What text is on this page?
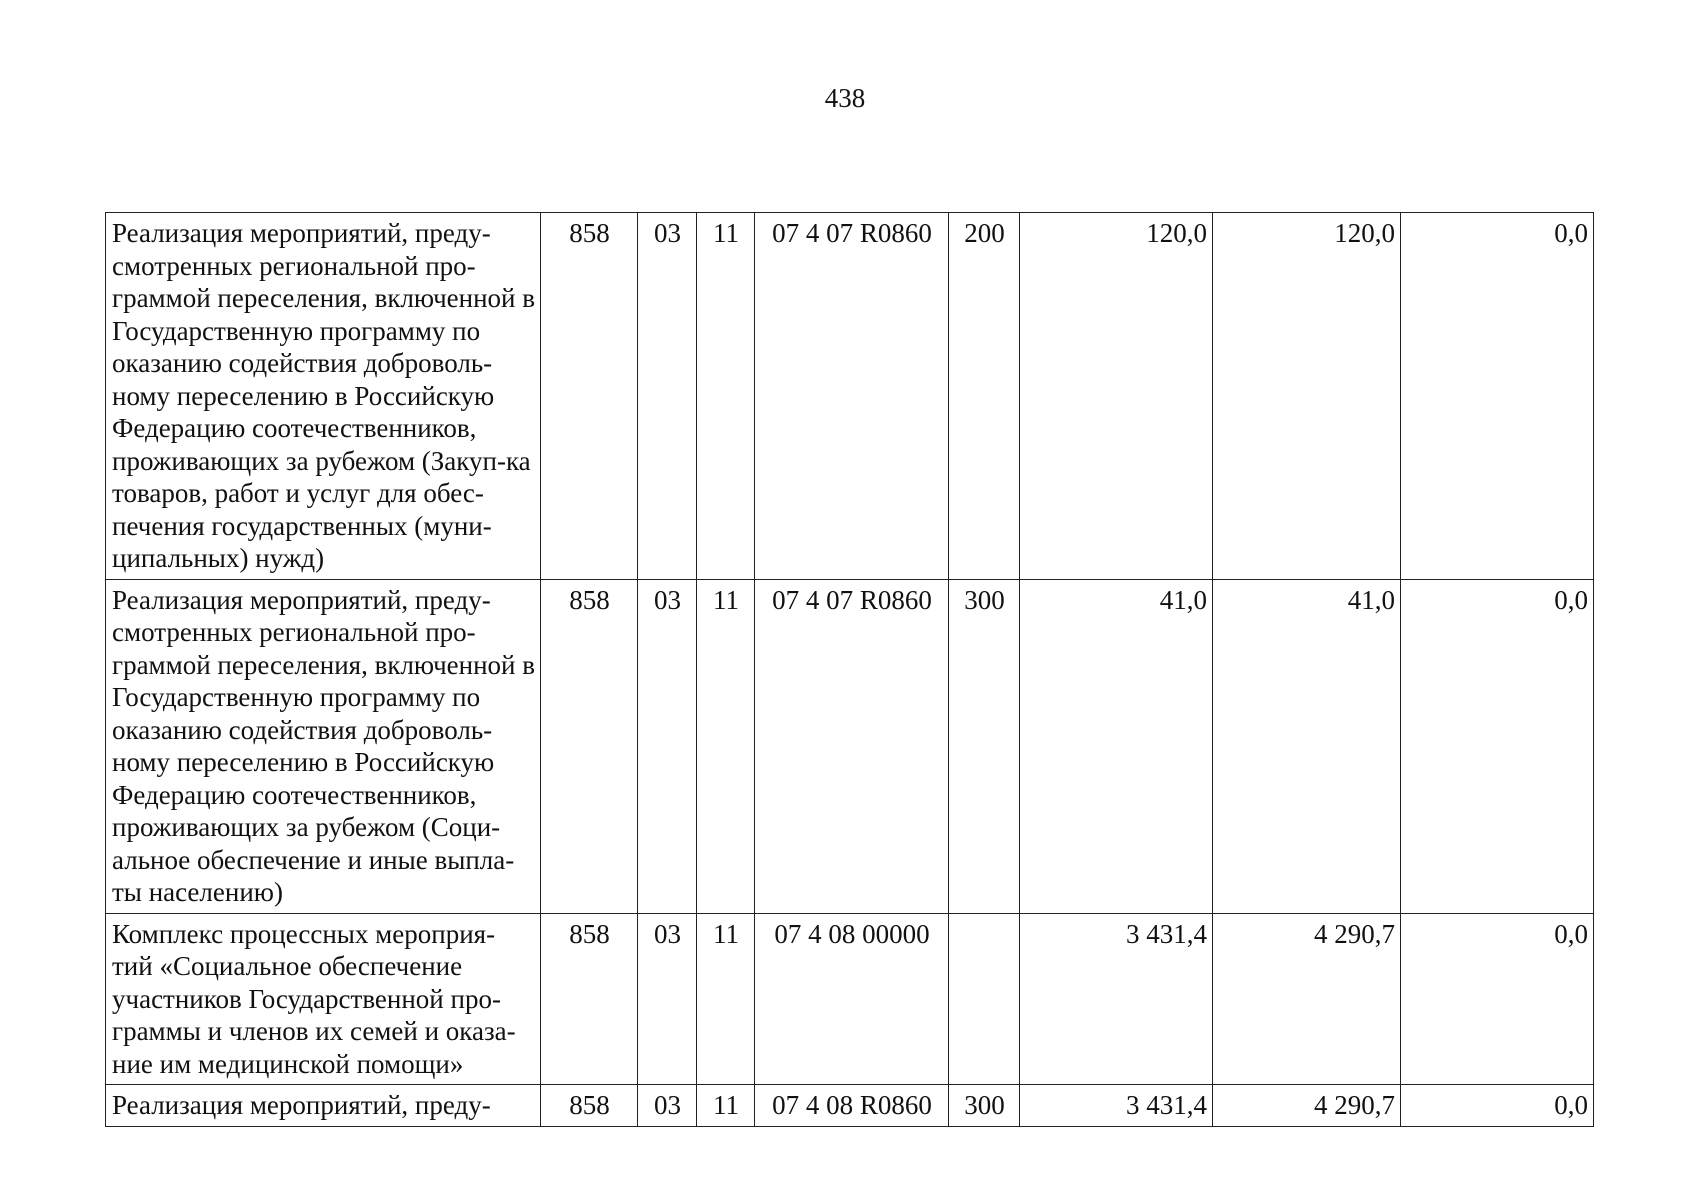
438
Реализация мероприятий, преду-смотренных региональной про-граммой переселения, включенной в Государственную программу по оказанию содействия доброволь-ному переселению в Российскую Федерацию соотечественников, проживающих за рубежом (Закуп-ка товаров, работ и услуг для обес-печения государственных (муни-ципальных) нужд)	858	03	11	07 4 07 R0860	200	120,0	120,0	0,0
Реализация мероприятий, преду-смотренных региональной про-граммой переселения, включенной в Государственную программу по оказанию содействия доброволь-ному переселению в Российскую Федерацию соотечественников, проживающих за рубежом (Соци-альное обеспечение и иные выпла-ты населению)	858	03	11	07 4 07 R0860	300	41,0	41,0	0,0
Комплекс процессных мероприя-тий «Социальное обеспечение участников Государственной про-граммы и членов их семей и оказа-ние им медицинской помощи»	858	03	11	07 4 08 00000		3 431,4	4 290,7	0,0
Реализация мероприятий, преду-	858	03	11	07 4 08 R0860	300	3 431,4	4 290,7	0,0
